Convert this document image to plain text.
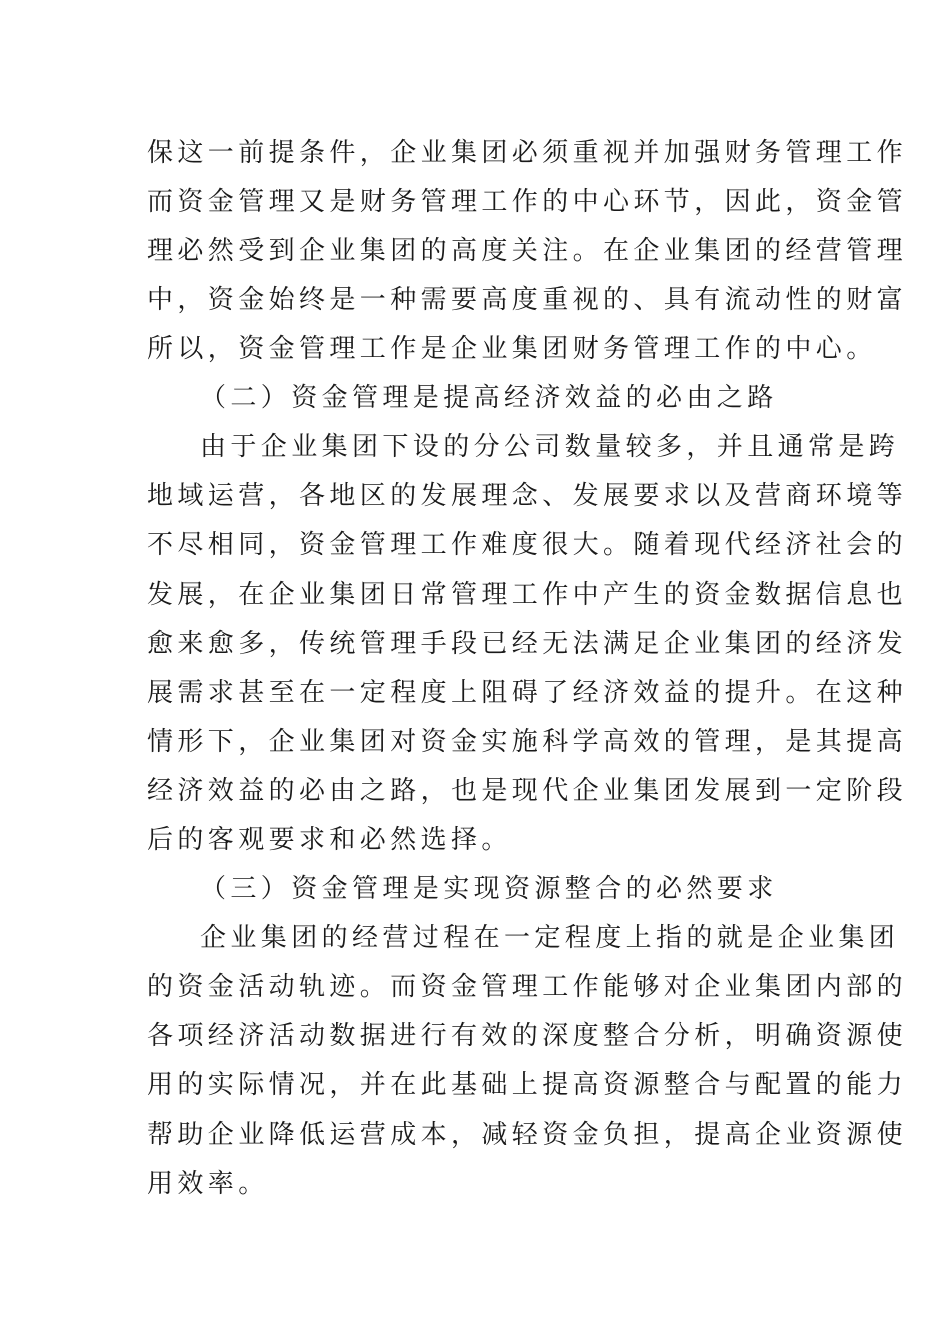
保这一前提条件，企业集团必须重视并加强财务管理工作
而资金管理又是财务管理工作的中心环节，因此，资金管
理必然受到企业集团的高度关注。在企业集团的经营管理
中，资金始终是一种需要高度重视的、具有流动性的财富
所以，资金管理工作是企业集团财务管理工作的中心。
（二）资金管理是提高经济效益的必由之路
由于企业集团下设的分公司数量较多，并且通常是跨
地域运营，各地区的发展理念、发展要求以及营商环境等
不尽相同，资金管理工作难度很大。随着现代经济社会的
发展，在企业集团日常管理工作中产生的资金数据信息也
愈来愈多，传统管理手段已经无法满足企业集团的经济发
展需求甚至在一定程度上阻碍了经济效益的提升。在这种
情形下，企业集团对资金实施科学高效的管理，是其提高
经济效益的必由之路，也是现代企业集团发展到一定阶段
后的客观要求和必然选择。
（三）资金管理是实现资源整合的必然要求
企业集团的经营过程在一定程度上指的就是企业集团
的资金活动轨迹。而资金管理工作能够对企业集团内部的
各项经济活动数据进行有效的深度整合分析，明确资源使
用的实际情况，并在此基础上提高资源整合与配置的能力
帮助企业降低运营成本，减轻资金负担，提高企业资源使
用效率。
